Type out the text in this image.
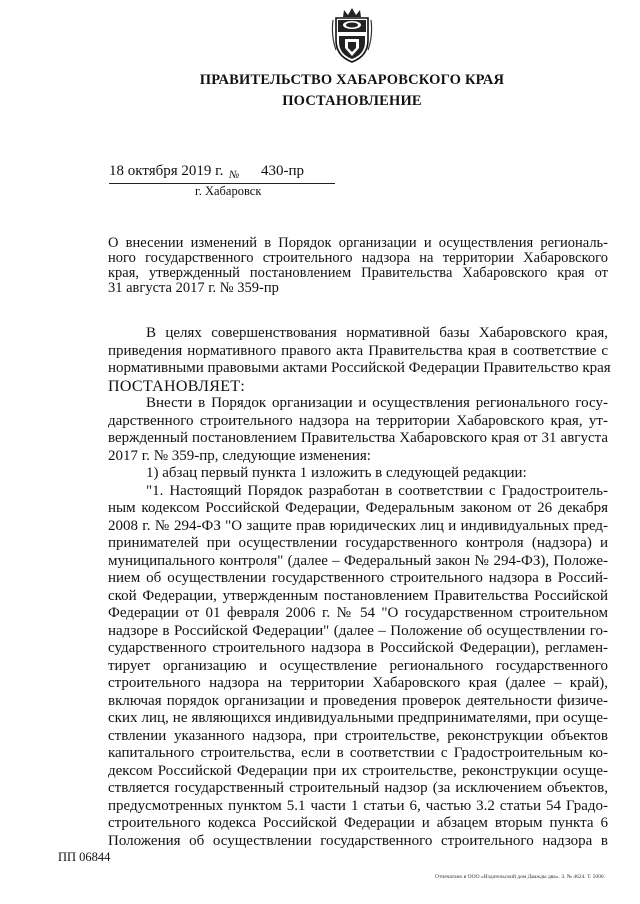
ПРАВИТЕЛЬСТВО ХАБАРОВСКОГО КРАЯ
ПОСТАНОВЛЕНИЕ
18 октября 2019 г. № 430-пр
г. Хабаровск
О внесении изменений в Порядок организации и осуществления региональ-
ного государственного строительного надзора на территории Хабаровского
края, утвержденный постановлением Правительства Хабаровского края от
31 августа 2017 г. № 359-пр
В целях совершенствования нормативной базы Хабаровского края,
приведения нормативного правого акта Правительства края в соответствие с
нормативными правовыми актами Российской Федерации Правительство края
ПОСТАНОВЛЯЕТ:
Внести в Порядок организации и осуществления регионального госу-
дарственного строительного надзора на территории Хабаровского края, ут-
вержденный постановлением Правительства Хабаровского края от 31 августа
2017 г. № 359-пр, следующие изменения:
1) абзац первый пункта 1 изложить в следующей редакции:
"1. Настоящий Порядок разработан в соответствии с Градостроитель-
ным кодексом Российской Федерации, Федеральным законом от 26 декабря
2008 г. № 294-ФЗ "О защите прав юридических лиц и индивидуальных пред-
принимателей при осуществлении государственного контроля (надзора) и
муниципального контроля" (далее – Федеральный закон № 294-ФЗ), Положе-
нием об осуществлении государственного строительного надзора в Россий-
ской Федерации, утвержденным постановлением Правительства Российской
Федерации от 01 февраля 2006 г. № 54 "О государственном строительном
надзоре в Российской Федерации" (далее – Положение об осуществлении го-
сударственного строительного надзора в Российской Федерации), регламен-
тирует организацию и осуществление регионального государственного
строительного надзора на территории Хабаровского края (далее – край),
включая порядок организации и проведения проверок деятельности физиче-
ских лиц, не являющихся индивидуальными предпринимателями, при осуще-
ствлении указанного надзора, при строительстве, реконструкции объектов
капитального строительства, если в соответствии с Градостроительным ко-
дексом Российской Федерации при их строительстве, реконструкции осуще-
ствляется государственный строительный надзор (за исключением объектов,
предусмотренных пунктом 5.1 части 1 статьи 6, частью 3.2 статьи 54 Градо-
строительного кодекса Российской Федерации и абзацем вторым пункта 6
Положения об осуществлении государственного строительного надзора в
ПП 06844
Отпечатано в ООО «Издательский дом Дважды два». З. № 4624. Т. 5000.
